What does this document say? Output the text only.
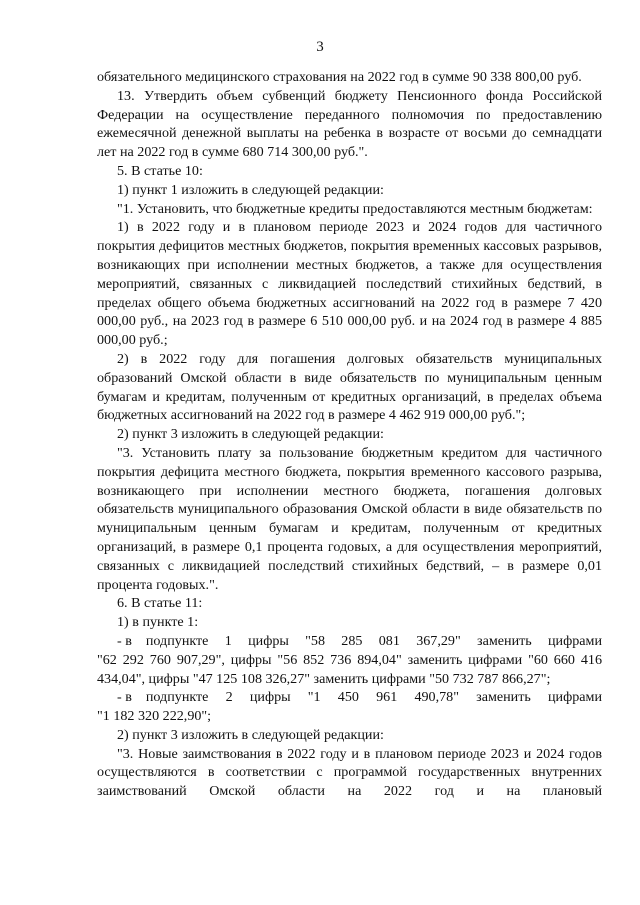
3

обязательного медицинского страхования на 2022 год в сумме 90 338 800,00 руб.

13. Утвердить объем субвенций бюджету Пенсионного фонда Российской Федерации на осуществление переданного полномочия по предоставлению ежемесячной денежной выплаты на ребенка в возрасте от восьми до семнадцати лет на 2022 год в сумме 680 714 300,00 руб.".

5. В статье 10:

1) пункт 1 изложить в следующей редакции:

"1. Установить, что бюджетные кредиты предоставляются местным бюджетам:

1) в 2022 году и в плановом периоде 2023 и 2024 годов для частичного покрытия дефицитов местных бюджетов, покрытия временных кассовых разрывов, возникающих при исполнении местных бюджетов, а также для осуществления мероприятий, связанных с ликвидацией последствий стихийных бедствий, в пределах общего объема бюджетных ассигнований на 2022 год в размере 7 420 000,00 руб., на 2023 год в размере 6 510 000,00 руб. и на 2024 год в размере 4 885 000,00 руб.;

2) в 2022 году для погашения долговых обязательств муниципальных образований Омской области в виде обязательств по муниципальным ценным бумагам и кредитам, полученным от кредитных организаций, в пределах объема бюджетных ассигнований на 2022 год в размере 4 462 919 000,00 руб.";

2) пункт 3 изложить в следующей редакции:

"3. Установить плату за пользование бюджетным кредитом для частичного покрытия дефицита местного бюджета, покрытия временного кассового разрыва, возникающего при исполнении местного бюджета, погашения долговых обязательств муниципального образования Омской области в виде обязательств по муниципальным ценным бумагам и кредитам, полученным от кредитных организаций, в размере 0,1 процента годовых, а для осуществления мероприятий, связанных с ликвидацией последствий стихийных бедствий, – в размере 0,01 процента годовых.".

6. В статье 11:

1) в пункте 1:

- в подпункте 1 цифры "58 285 081 367,29" заменить цифрами

"62 292 760 907,29", цифры "56 852 736 894,04" заменить цифрами "60 660 416 434,04", цифры "47 125 108 326,27" заменить цифрами "50 732 787 866,27";

- в подпункте 2 цифры "1 450 961 490,78" заменить цифрами

"1 182 320 222,90";

2) пункт 3 изложить в следующей редакции:

"3. Новые заимствования в 2022 году и в плановом периоде 2023 и 2024 годов осуществляются в соответствии с программой государственных внутренних заимствований Омской области на 2022 год и на плановый
